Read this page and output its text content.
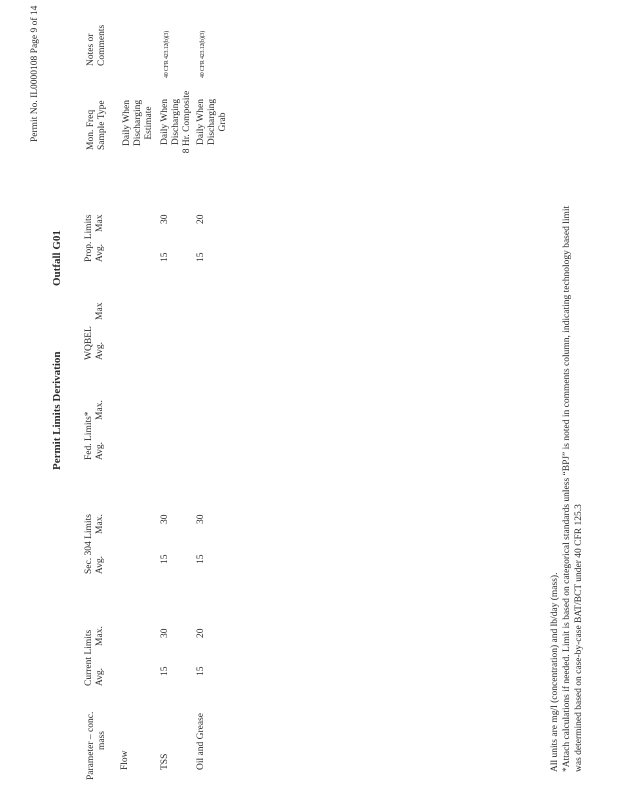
Permit No. IL0000108 Page 9 of 14
Permit Limits Derivation
Outfall G01
Parameter – conc. mass
Current Limits Avg.Max.
Sec. 304 Limits Avg.Max.
Fed. Limits* Avg.Max.
WQBEL Avg.Max
Prop. Limits Avg.Max
Mon. Freq Sample Type
Notes or Comments
Flow
Daily When Discharging Estimate
TSS
15
30
15
30
15
30
Daily When Discharging 8 Hr. Composite
40 CFR 423.12(b)(3)
Oil and Grease
15
20
15
30
15
20
Daily When Discharging Grab
40 CFR 423.12(b)(3)
All units are mg/l (concentration) and lb/day (mass). *Attach calculations if needed. Limit is based on categorical standards unless “BPJ” is noted in comments column, indicating technology based limit was determined based on case-by-case BAT/BCT under 40 CFR 125.3
